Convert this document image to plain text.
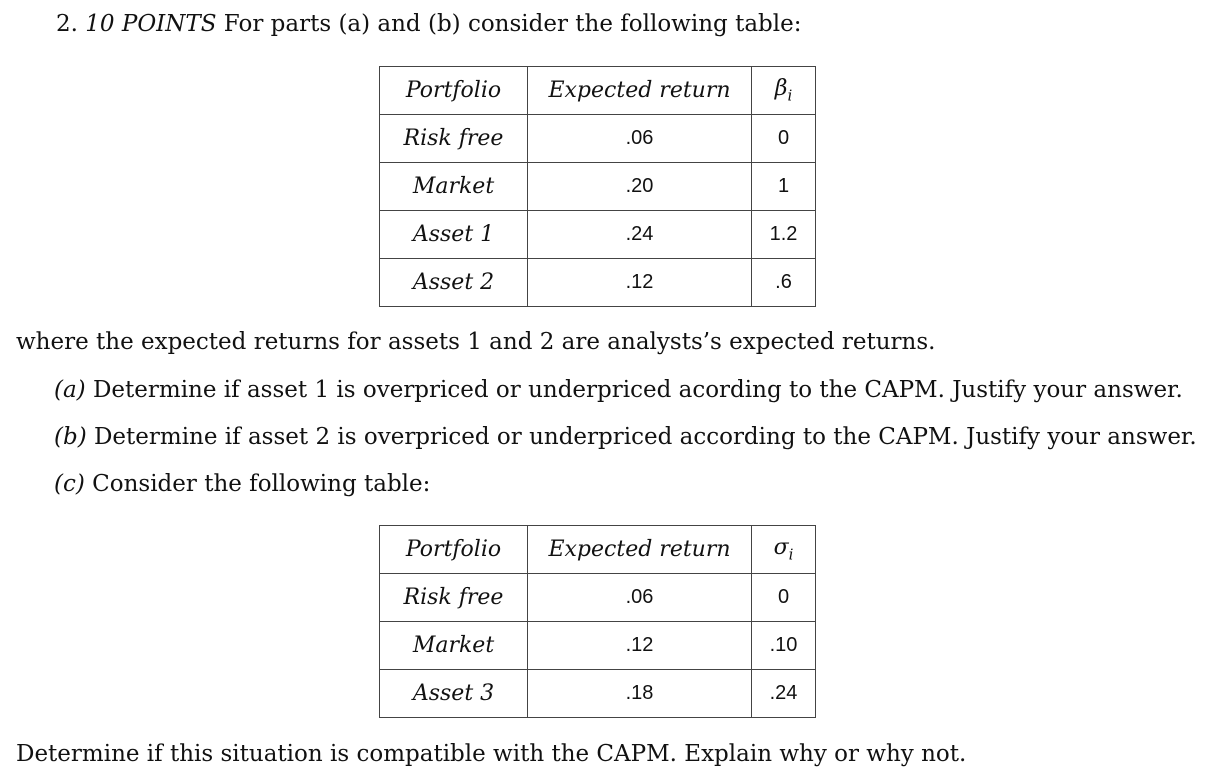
2. 10 POINTS For parts (a) and (b) consider the following table:
Portfolio	Expected return	$\beta_i$
Risk free	.06	0
Market	.20	1
Asset 1	.24	1.2
Asset 2	.12	.6
where the expected returns for assets 1 and 2 are analysts’s expected returns.
(a) Determine if asset 1 is overpriced or underpriced acording to the CAPM. Justify your answer.
(b) Determine if asset 2 is overpriced or underpriced according to the CAPM. Justify your answer.
(c) Consider the following table:
Portfolio	Expected return	$\sigma_i$
Risk free	.06	0
Market	.12	.10
Asset 3	.18	.24
Determine if this situation is compatible with the CAPM. Explain why or why not.
